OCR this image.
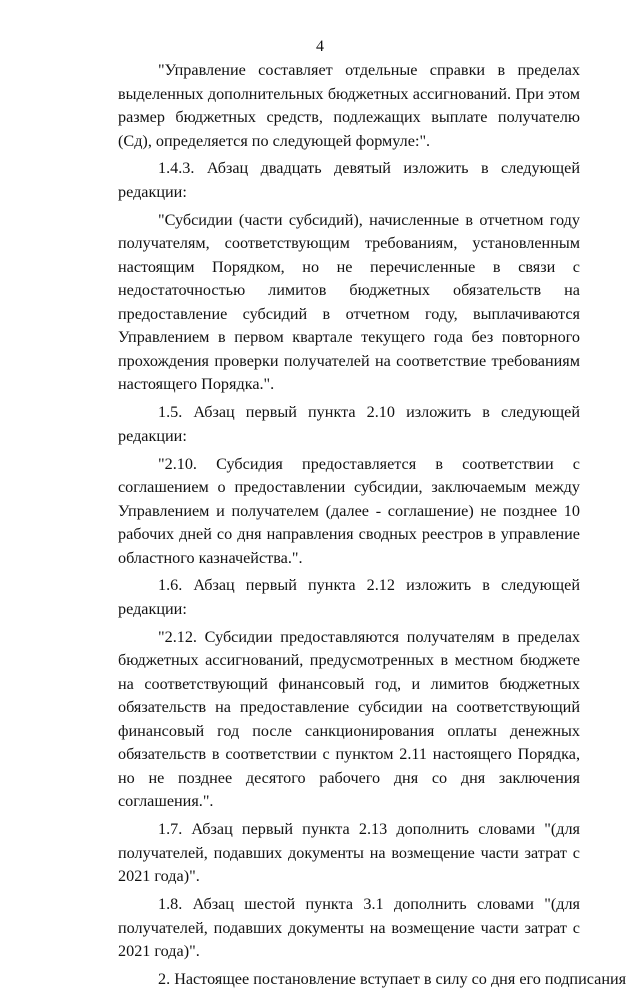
4

"Управление составляет отдельные справки в пределах выделенных дополнительных бюджетных ассигнований. При этом размер бюджетных средств, подлежащих выплате получателю (Сд), определяется по следующей формуле:".

1.4.3. Абзац двадцать девятый изложить в следующей редакции:

"Субсидии (части субсидий), начисленные в отчетном году получателям, соответствующим требованиям, установленным настоящим Порядком, но не перечисленные в связи с недостаточностью лимитов бюджетных обязательств на предоставление субсидий в отчетном году, выплачиваются Управлением в первом квартале текущего года без повторного прохождения проверки получателей на соответствие требованиям настоящего Порядка.".

1.5. Абзац первый пункта 2.10 изложить в следующей редакции:

"2.10. Субсидия предоставляется в соответствии с соглашением о предоставлении субсидии, заключаемым между Управлением и получателем (далее - соглашение) не позднее 10 рабочих дней со дня направления сводных реестров в управление областного казначейства.".

1.6. Абзац первый пункта 2.12 изложить в следующей редакции:

"2.12. Субсидии предоставляются получателям в пределах бюджетных ассигнований, предусмотренных в местном бюджете на соответствующий финансовый год, и лимитов бюджетных обязательств на предоставление субсидии на соответствующий финансовый год после санкционирования оплаты денежных обязательств в соответствии с пунктом 2.11 настоящего Порядка, но не позднее десятого рабочего дня со дня заключения соглашения.".

1.7. Абзац первый пункта 2.13 дополнить словами "(для получателей, подавших документы на возмещение части затрат с 2021 года)".

1.8. Абзац шестой пункта 3.1 дополнить словами "(для получателей, подавших документы на возмещение части затрат с 2021 года)".

2. Настоящее постановление вступает в силу со дня его подписания
